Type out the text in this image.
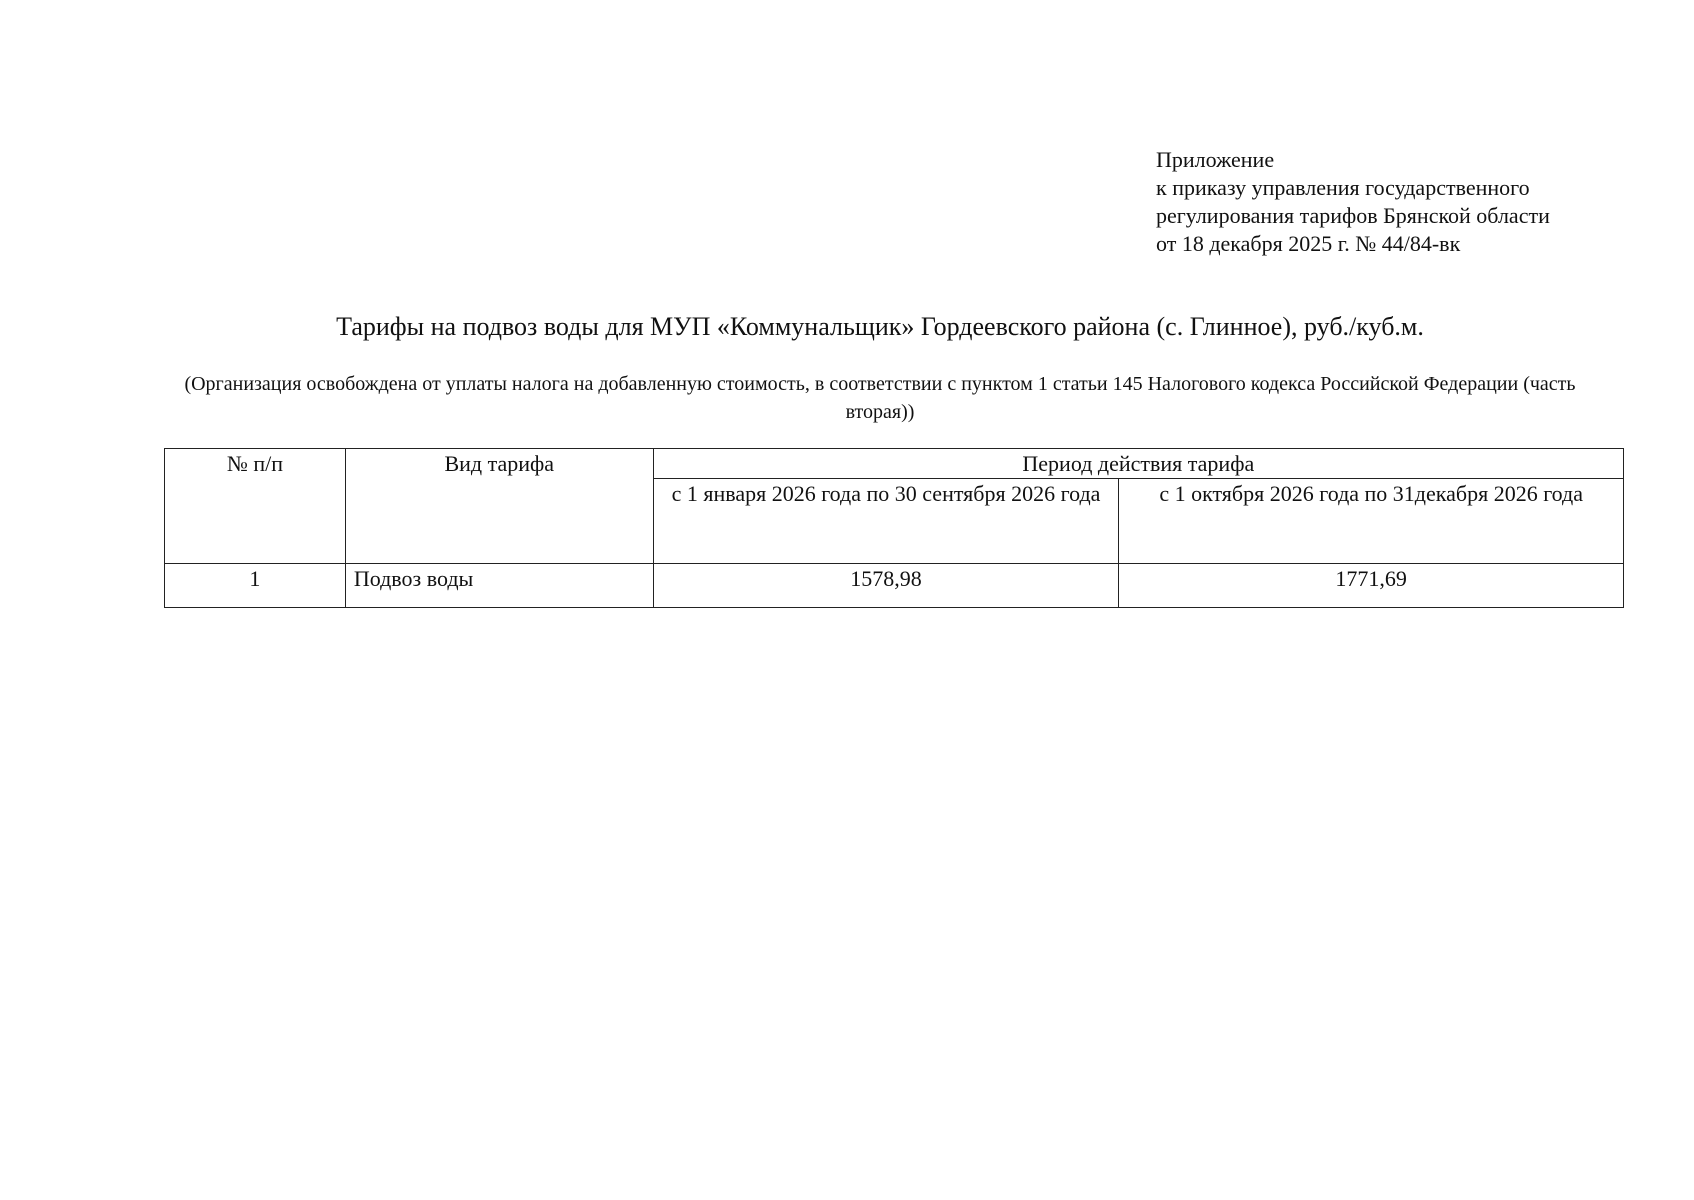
Приложение
к приказу управления государственного
регулирования тарифов Брянской области
от 18 декабря 2025 г. № 44/84-вк
Тарифы на подвоз воды для МУП «Коммунальщик» Гордеевского района (с. Глинное), руб./куб.м.
(Организация освобождена от уплаты налога на добавленную стоимость, в соответствии с пунктом 1 статьи 145 Налогового кодекса Российской Федерации (часть вторая))
№ п/п	Вид тарифа	Период действия тарифа	
		с 1 января 2026 года по 30 сентября 2026 года	с 1 октября 2026 года по 31декабря 2026 года
1	Подвоз воды	1578,98	1771,69
